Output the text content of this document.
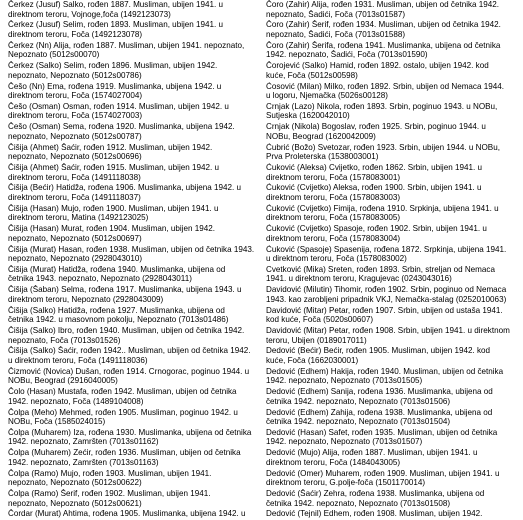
Čerkez (Jusuf) Salko, rođen 1887. Musliman, ubijen 1941. u
direktnom teroru, Vojnoge,foča (1492123073)
Čerkez (Jusuf) Selim, rođen 1893. Musliman, ubijen 1941. u
direktnom teroru, Foča (1492123078)
Čerkez (Nn) Alija, rođen 1887. Musliman, ubijen 1941. nepoznato,
Nepoznato (5012s00070)
Čerkez (Salko) Selim, rođen 1896. Musliman, ubijen 1942.
nepoznato, Nepoznato (5012s00786)
Češo (Nn) Ema, rođena 1919. Muslimanka, ubijena 1942. u
direktnom teroru, Foča (1574027004)
Češo (Osman) Osman, rođen 1914. Musliman, ubijen 1942. u
direktnom teroru, Foča (1574027003)
Češo (Osman) Sema, rođena 1920. Muslimanka, ubijena 1942.
nepoznato, Nepoznato (5012s00787)
Čišija (Ahmet) Šaćir, rođen 1912. Musliman, ubijen 1942.
nepoznato, Nepoznato (5012s00696)
Čišija (Ahmet) Šaćir, rođen 1915. Musliman, ubijen 1942. u
direktnom teroru, Foča (1491118038)
Čišija (Bećir) Hatidža, rođena 1906. Muslimanka, ubijena 1942. u
direktnom teroru, Foča (1491118037)
Čišija (Hasan) Mujo, rođen 1900. Musliman, ubijen 1941. u
direktnom teroru, Matina (1492123025)
Čišija (Hasan) Murat, rođen 1904. Musliman, ubijen 1942.
nepoznato, Nepoznato (5012s00697)
Čišija (Murat) Hasan, rođen 1938. Musliman, ubijen od četnika 1943.
nepoznato, Nepoznato (2928043010)
Čišija (Murat) Hatidža, rođena 1940. Muslimanka, ubijena od
četnika 1943. nepoznato, Nepoznato (2928043011)
Čišija (Šaban) Selma, rođena 1917. Muslimanka, ubijena 1943. u
direktnom teroru, Nepoznato (2928043009)
Čišija (Salko) Hatidža, rođena 1927. Muslimanka, ubijena od
četnika 1942. u masovnom pokolju, Nepoznato (7013s01486)
Čišija (Salko) Ibro, rođen 1940. Musliman, ubijen od četnika 1942.
nepoznato, Foča (7013s01526)
Čišija (Salko) Šaćir, rođen 1942.. Musliman, ubijen od četnika 1942.
u direktnom teroru, Foča (1491118036)
Čizmović (Novica) Dušan, rođen 1914. Crnogorac, poginuo 1944. u
NOBu, Beograd (2916040005)
Čolo (Hasan) Mustafa, rođen 1942. Musliman, ubijen od četnika
1942. nepoznato, Foča (1489104008)
Čolpa (Meho) Mehmed, rođen 1905. Musliman, poginuo 1942. u
NOBu, Foča (1585024015)
Čolpa (Muharem) Iza, rođena 1930. Muslimanka, ubijena od četnika
1942. nepoznato, Zamršten (7013s01162)
Čolpa (Muharem) Zećir, rođen 1936. Musliman, ubijen od četnika
1942. nepoznato, Zamršten (7013s01163)
Čolpa (Ramo) Mujo, rođen 1903. Musliman, ubijen 1941.
nepoznato, Nepoznato (5012s00622)
Čolpa (Ramo) Šerif, rođen 1902. Musliman, ubijen 1941.
nepoznato, Nepoznato (5012s00621)
Čordar (Murat) Ahtima, rođena 1905. Muslimanka, ubijena 1942. u
Čoro (Zahir) Alija, rođen 1931. Musliman, ubijen od četnika 1942.
nepoznato, Šadići, Foča (7013s01587)
Čoro (Zahir) Šerif, rođen 1934. Musliman, ubijen od četnika 1942.
nepoznato, Šadići, Foča (7013s01588)
Čoro (Zahir) Šerifa, rođena 1941. Muslimanka, ubijena od četnika
1942. nepoznato, Šadići, Foča (7013s01590)
Čorojević (Salko) Hamid, rođen 1892. ostalo, ubijen 1942. kod
kuće, Foča (5012s00598)
Ćosović (Milan) Milko, rođen 1892. Srbin, ubijen od Nemaca 1944.
u logoru, Njemačka (5026s00128)
Crnjak (Lazo) Nikola, rođen 1893. Srbin, poginuo 1943. u NOBu,
Sutjeska (1620042010)
Crnjak (Nikola) Bogoslav, rođen 1925. Srbin, poginuo 1944. u
NOBu, Beograd (1620042009)
Ćubrić (Božo) Svetozar, rođen 1923. Srbin, ubijen 1944. u NOBu,
Prva Proleterska (1538003001)
Ćuković (Aleksa) Cvijetko, rođen 1862. Srbin, ubijen 1941. u
direktnom teroru, Foča (1578083001)
Ćuković (Cvijetko) Aleksa, rođen 1900. Srbin, ubijen 1941. u
direktnom teroru, Foča (1578083003)
Ćuković (Cvijetko) Fimija, rođena 1910. Srpkinja, ubijena 1941. u
direktnom teroru, Foča (1578083005)
Ćuković (Cvijetko) Spasoje, rođen 1902. Srbin, ubijen 1941. u
direktnom teroru, Foča (1578083004)
Ćuković (Spasoje) Spasenija, rođena 1872. Srpkinja, ubijena 1941.
u direktnom teroru, Foča (1578083002)
Cvetković (Mika) Sreten, rođen 1893. Srbin, streljan od Nemaca
1941. u direktnom teroru, Kragujevac (0243043016)
Davidović (Milutin) Tihomir, rođen 1902. Srbin, poginuo od Nemaca
1943. kao zarobljeni pripadnik VKJ, Nemačka-stalag (0252010063)
Davidović (Mitar) Petar, rođen 1907. Srbin, ubijen od ustaša 1941.
kod kuće, Foča (5020s00607)
Davidović (Mitar) Petar, rođen 1908. Srbin, ubijen 1941. u direktnom
teroru, Ubijen (0189017011)
Dedović (Bećir) Bećir, rođen 1905. Musliman, ubijen 1942. kod
kuće, Foča (1662030001)
Dedović (Edhem) Hakija, rođen 1940. Musliman, ubijen od četnika
1942. nepoznato, Nepoznato (7013s01505)
Dedović (Edhem) Sanija, rođena 1936. Muslimanka, ubijena od
četnika 1942. nepoznato, Nepoznato (7013s01506)
Dedović (Edhem) Zahija, rođena 1938. Muslimanka, ubijena od
četnika 1942. nepoznato, Nepoznato (7013s01504)
Dedović (Hasan) Safet, rođen 1935. Musliman, ubijen od četnika
1942. nepoznato, Nepoznato (7013s01507)
Dedović (Mujo) Alija, rođen 1887. Musliman, ubijen 1941. u
direktnom teroru, Foča (1484043005)
Dedović (Omer) Muharem, rođen 1909. Musliman, ubijen 1941. u
direktnom teroru, G.polje-foča (1501170014)
Dedović (Šaćir) Zehra, rođena 1938. Muslimanka, ubijena od
četnika 1942. nepoznato, Nepoznato (7013s01508)
Dedović (Tejnil) Edhem, rođen 1908. Musliman, ubijen 1942.
